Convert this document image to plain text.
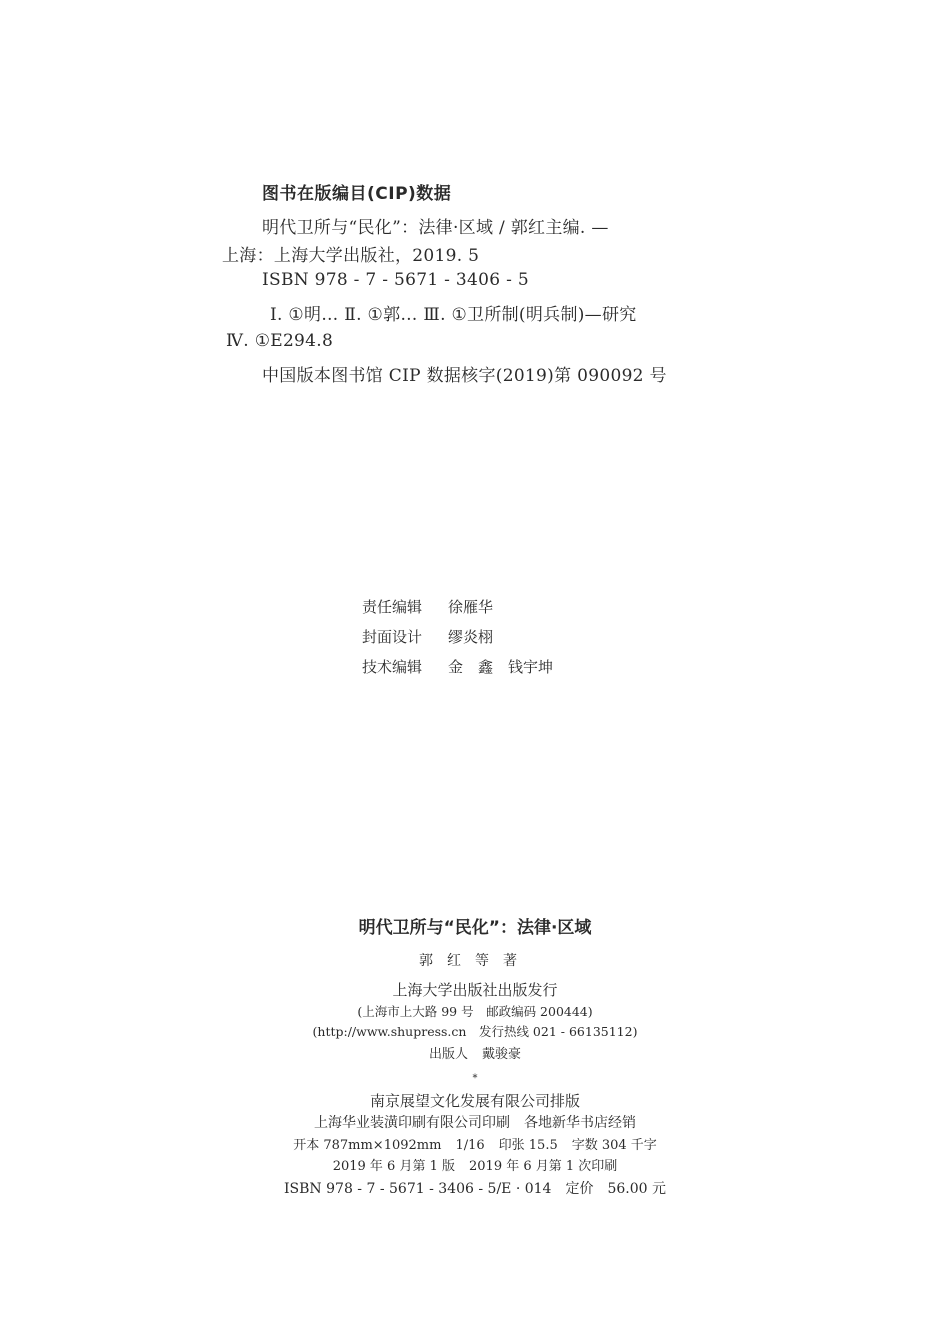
图书在版编目(CIP)数据
明代卫所与“民化”：法律·区域 / 郭红主编. —
上海：上海大学出版社，2019. 5
ISBN 978 - 7 - 5671 - 3406 - 5
Ⅰ. ①明… Ⅱ. ①郭… Ⅲ. ①卫所制(明兵制)—研究
Ⅳ. ①E294.8
中国版本图书馆 CIP 数据核字(2019)第 090092 号
责任编辑 徐雁华
封面设计 缪炎栩
技术编辑 金　鑫　钱宇坤
明代卫所与“民化”：法律·区域
郭红等著
上海大学出版社出版发行
(上海市上大路 99 号　邮政编码 200444)
(http://www.shupress.cn　发行热线 021 - 66135112)
出版人 戴骏豪
*
南京展望文化发展有限公司排版
上海华业装潢印刷有限公司印刷 各地新华书店经销
开本 787mm×1092mm 1/16 印张 15.5 字数 304 千字
2019 年 6 月第 1 版 2019 年 6 月第 1 次印刷
ISBN 978 - 7 - 5671 - 3406 - 5/E · 014 定价 56.00 元
